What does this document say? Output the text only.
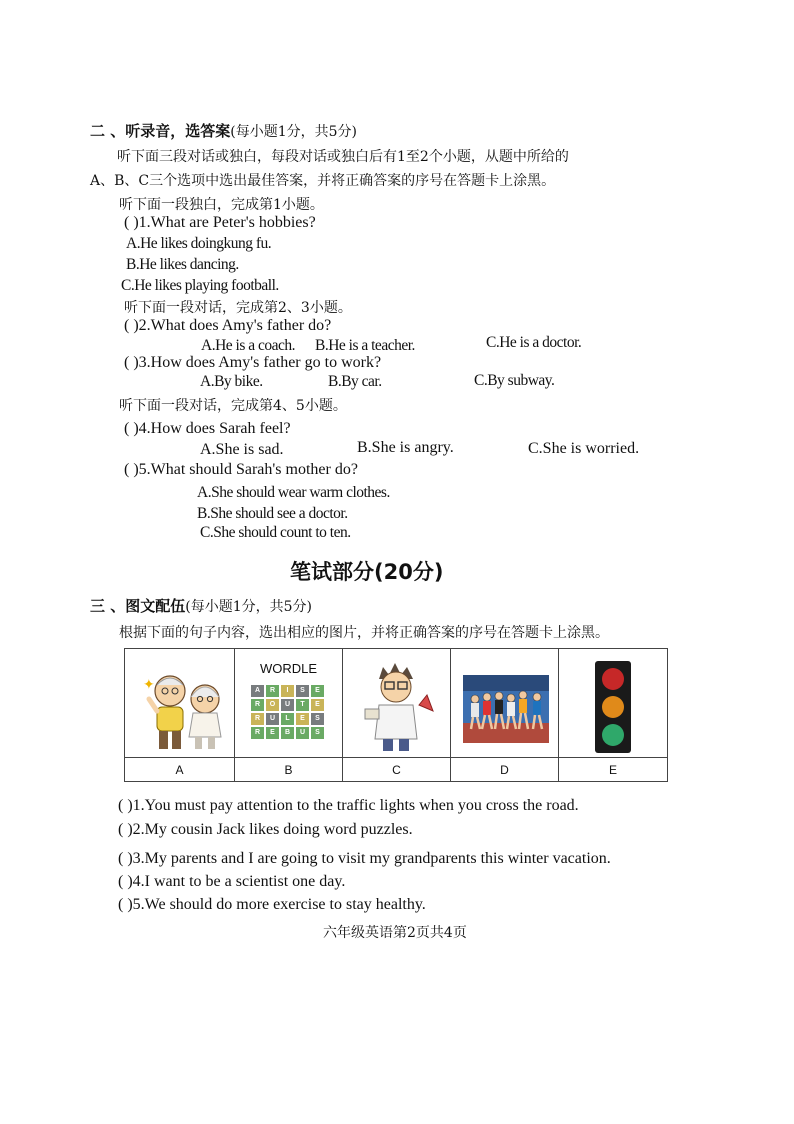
二 、听录音，选答案(每小题1分，共5分)
听下面三段对话或独白，每段对话或独白后有1至2个小题，从题中所给的
A、B、C三个选项中选出最佳答案，并将正确答案的序号在答题卡上涂黑。
听下面一段独白，完成第1小题。
( )1.What are Peter's hobbies?
A.He likes doingkung fu.
B.He likes dancing.
C.He likes playing football.
听下面一段对话，完成第2、3小题。
( )2.What does Amy's father do?
A.He is a coach. B.He is a teacher.	C.He is a doctor.
( )3.How does Amy's father go to work?
A.By bike.	B.By car.	C.By subway.
听下面一段对话，完成第4、5小题。
( )4.How does Sarah feel?
A.She is sad.	B.She is angry.	C.She is worried.
( )5.What should Sarah's mother do?
A.She should wear warm clothes.
B.She should see a doctor.
C.She should count to ten.
笔试部分(20分)
三 、图文配伍(每小题1分，共5分)
根据下面的句子内容，选出相应的图片，并将正确答案的序号在答题卡上涂黑。
✦
WORDLE
A	R	I	S	E
R	O	U	T	E
R	U	L	E	S
R	E	B	U	S
A	B	C	D	E
( )1.You must pay attention to the traffic lights when you cross the road.
( )2.My cousin Jack likes doing word puzzles.
( )3.My parents and I are going to visit my grandparents this winter vacation.
( )4.I want to be a scientist one day.
( )5.We should do more exercise to stay healthy.
六年级英语第2页共4页
